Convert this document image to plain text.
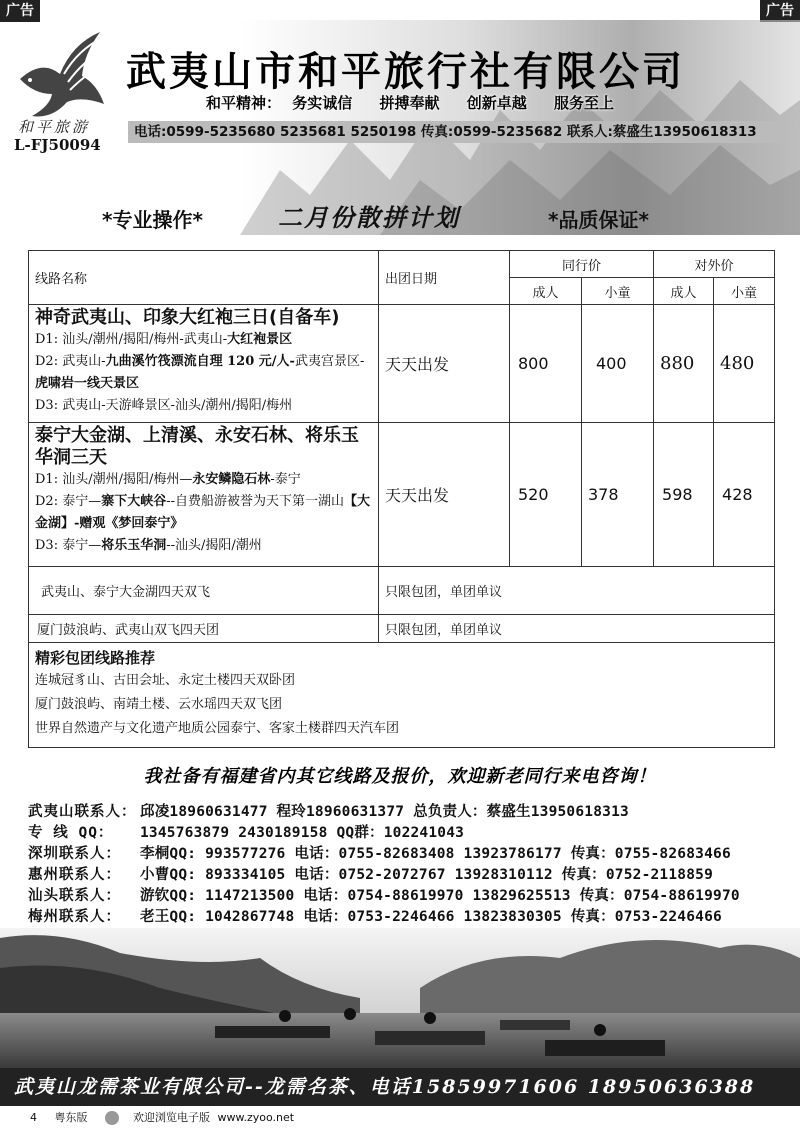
广告	广告
和平旅游
L-FJ50094
武夷山市和平旅行社有限公司
和平精神： 务实诚信 拼搏奉献 创新卓越 服务至上
电话:0599-5235680 5235681 5250198 传真:0599-5235682 联系人:蔡盛生13950618313
*专业操作*	二月份散拼计划	*品质保证*
线路名称	出团日期	同行价		对外价	
		成人	小童	成人	小童

神奇武夷山、印象大红袍三日(自备车)
D1: 汕头/潮州/揭阳/梅州-武夷山-大红袍景区
D2: 武夷山-九曲溪竹筏漂流自理 120 元/人-武夷宫景区-虎啸岩一线天景区
D3: 武夷山-天游峰景区-汕头/潮州/揭阳/梅州	天天出发	800	400	880	480

泰宁大金湖、上清溪、永安石林、将乐玉华洞三天
D1: 汕头/潮州/揭阳/梅州—永安鳞隐石林-泰宁
D2: 泰宁—寨下大峡谷--自费船游被誉为天下第一湖山【大金湖】-赠观《梦回泰宁》
D3: 泰宁—将乐玉华洞--汕头/揭阳/潮州	天天出发	520	378	598	428
武夷山、泰宁大金湖四天双飞	只限包团，单团单议				
厦门鼓浪屿、武夷山双飞四天团	只限包团，单团单议				

精彩包团线路推荐
连城冠豸山、古田会址、永定土楼四天双卧团
厦门鼓浪屿、南靖土楼、云水瑶四天双飞团
世界自然遗产与文化遗产地质公园泰宁、客家土楼群四天汽车团					
我社备有福建省内其它线路及报价，欢迎新老同行来电咨询！
武夷山联系人： 邱凌18960631477 程玲18960631377 总负责人：蔡盛生13950618313
专 线 QQ：	1345763879 2430189158 QQ群：102241043
深圳联系人：	李桐QQ: 993577276 电话：0755-82683408 13923786177 传真：0755-82683466
惠州联系人：	小曹QQ: 893334105 电话：0752-2072767 13928310112 传真：0752-2118859
汕头联系人：	游钦QQ: 1147213500 电话：0754-88619970 13829625513 传真：0754-88619970
梅州联系人：	老王QQ: 1042867748 电话：0753-2246466 13823830305 传真：0753-2246466
武夷山龙需茶业有限公司--龙需名茶、电话15859971606 18950636388
4 粤东版	欢迎浏览电子版 www.zyoo.net
